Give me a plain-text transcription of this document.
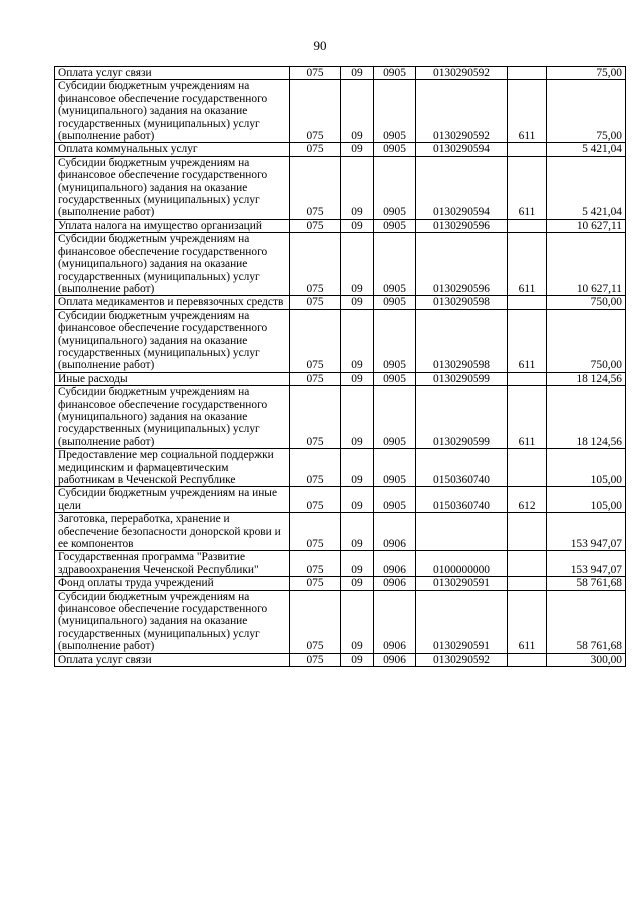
90
Оплата услуг связи	075	09	0905	0130290592		75,00
Субсидии бюджетным учреждениям на финансовое обеспечение государственного (муниципального) задания на оказание государственных (муниципальных) услуг (выполнение работ)	075	09	0905	0130290592	611	75,00
Оплата коммунальных услуг	075	09	0905	0130290594		5 421,04
Субсидии бюджетным учреждениям на финансовое обеспечение государственного (муниципального) задания на оказание государственных (муниципальных) услуг (выполнение работ)	075	09	0905	0130290594	611	5 421,04
Уплата налога на имущество организаций	075	09	0905	0130290596		10 627,11
Субсидии бюджетным учреждениям на финансовое обеспечение государственного (муниципального) задания на оказание государственных (муниципальных) услуг (выполнение работ)	075	09	0905	0130290596	611	10 627,11
Оплата медикаментов и перевязочных средств	075	09	0905	0130290598		750,00
Субсидии бюджетным учреждениям на финансовое обеспечение государственного (муниципального) задания на оказание государственных (муниципальных) услуг (выполнение работ)	075	09	0905	0130290598	611	750,00
Иные расходы	075	09	0905	0130290599		18 124,56
Субсидии бюджетным учреждениям на финансовое обеспечение государственного (муниципального) задания на оказание государственных (муниципальных) услуг (выполнение работ)	075	09	0905	0130290599	611	18 124,56
Предоставление мер социальной поддержки медицинским и фармацевтическим работникам в Чеченской Республике	075	09	0905	0150360740		105,00
Субсидии бюджетным учреждениям на иные цели	075	09	0905	0150360740	612	105,00
Заготовка, переработка, хранение и обеспечение безопасности донорской крови и ее компонентов	075	09	0906			153 947,07
Государственная программа "Развитие здравоохранения Чеченской Республики"	075	09	0906	0100000000		153 947,07
Фонд оплаты труда учреждений	075	09	0906	0130290591		58 761,68
Субсидии бюджетным учреждениям на финансовое обеспечение государственного (муниципального) задания на оказание государственных (муниципальных) услуг (выполнение работ)	075	09	0906	0130290591	611	58 761,68
Оплата услуг связи	075	09	0906	0130290592		300,00
